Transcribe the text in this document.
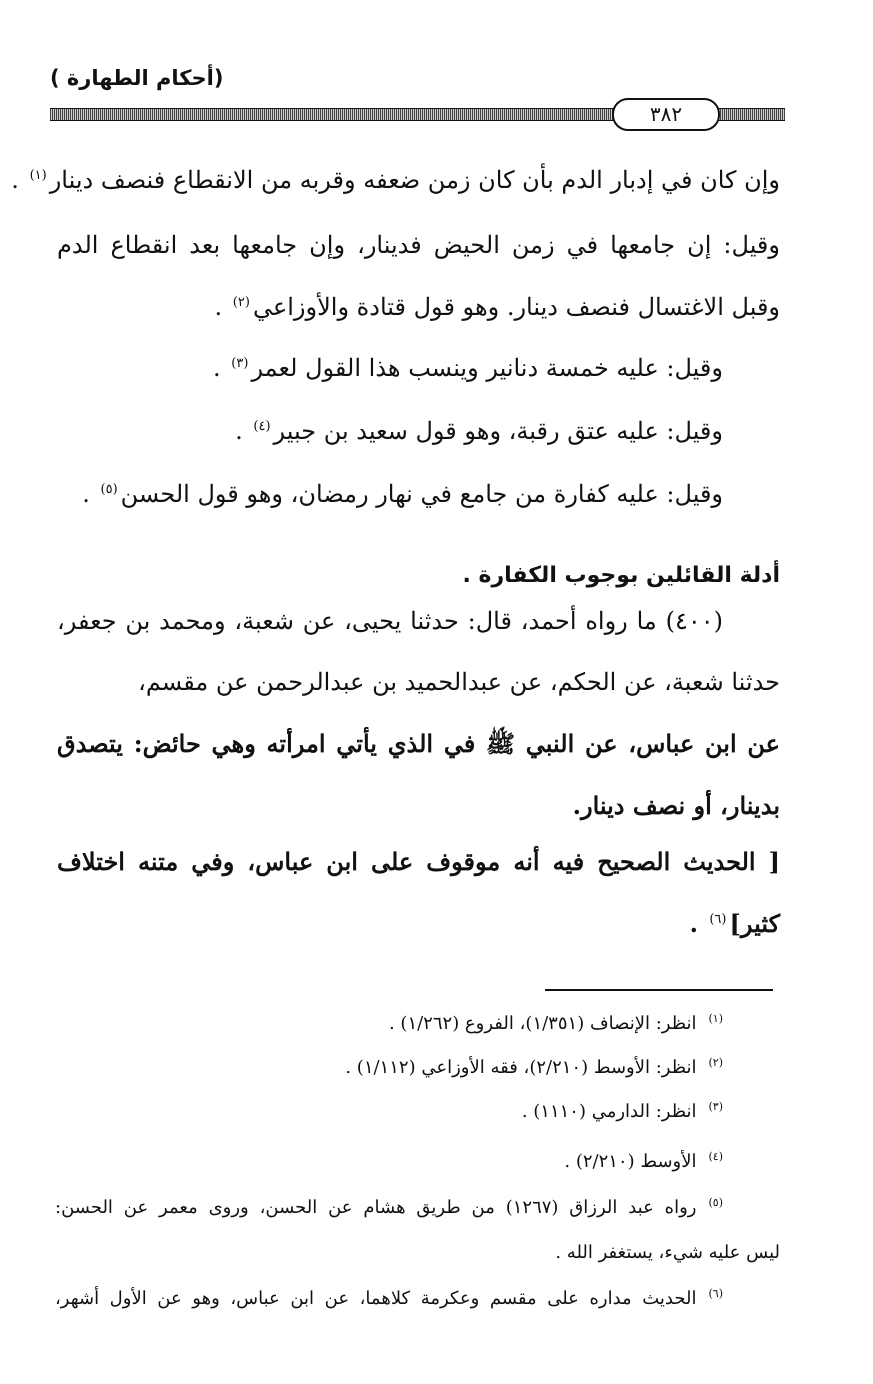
(أحكام الطهارة )
٣٨٢
وإن كان في إدبار الدم بأن كان زمن ضعفه وقربه من الانقطاع فنصف دينار$^{(١)}$ .
وقيل: إن جامعها في زمن الحيض فدينار، وإن جامعها بعد انقطاع الدم
وقبل الاغتسال فنصف دينار. وهو قول قتادة والأوزاعي$^{(٢)}$ .
وقيل: عليه خمسة دنانير وينسب هذا القول لعمر$^{(٣)}$ .
وقيل: عليه عتق رقبة، وهو قول سعيد بن جبير$^{(٤)}$ .
وقيل: عليه كفارة من جامع في نهار رمضان، وهو قول الحسن$^{(٥)}$ .
أدلة القائلين بوجوب الكفارة .
(٤٠٠) ما رواه أحمد، قال: حدثنا يحيى، عن شعبة، ومحمد بن جعفر،
حدثنا شعبة، عن الحكم، عن عبدالحميد بن عبدالرحمن عن مقسم،
عن ابن عباس، عن النبي ﷺ في الذي يأتي امرأته وهي حائض: يتصدق
بدينار، أو نصف دينار.
[ الحديث الصحيح فيه أنه موقوف على ابن عباس، وفي متنه اختلاف
كثير]$^{(٦)}$ .
$^{(١)}$انظر: الإنصاف (١/٣٥١)، الفروع (١/٢٦٢) .
$^{(٢)}$انظر: الأوسط (٢/٢١٠)، فقه الأوزاعي (١/١١٢) .
$^{(٣)}$انظر: الدارمي (١١١٠) .
$^{(٤)}$الأوسط (٢/٢١٠) .
$^{(٥)}$رواه عبد الرزاق (١٢٦٧) من طريق هشام عن الحسن، وروى معمر عن الحسن:
ليس عليه شيء، يستغفر الله .
$^{(٦)}$الحديث مداره على مقسم وعكرمة كلاهما، عن ابن عباس، وهو عن الأول أشهر،
